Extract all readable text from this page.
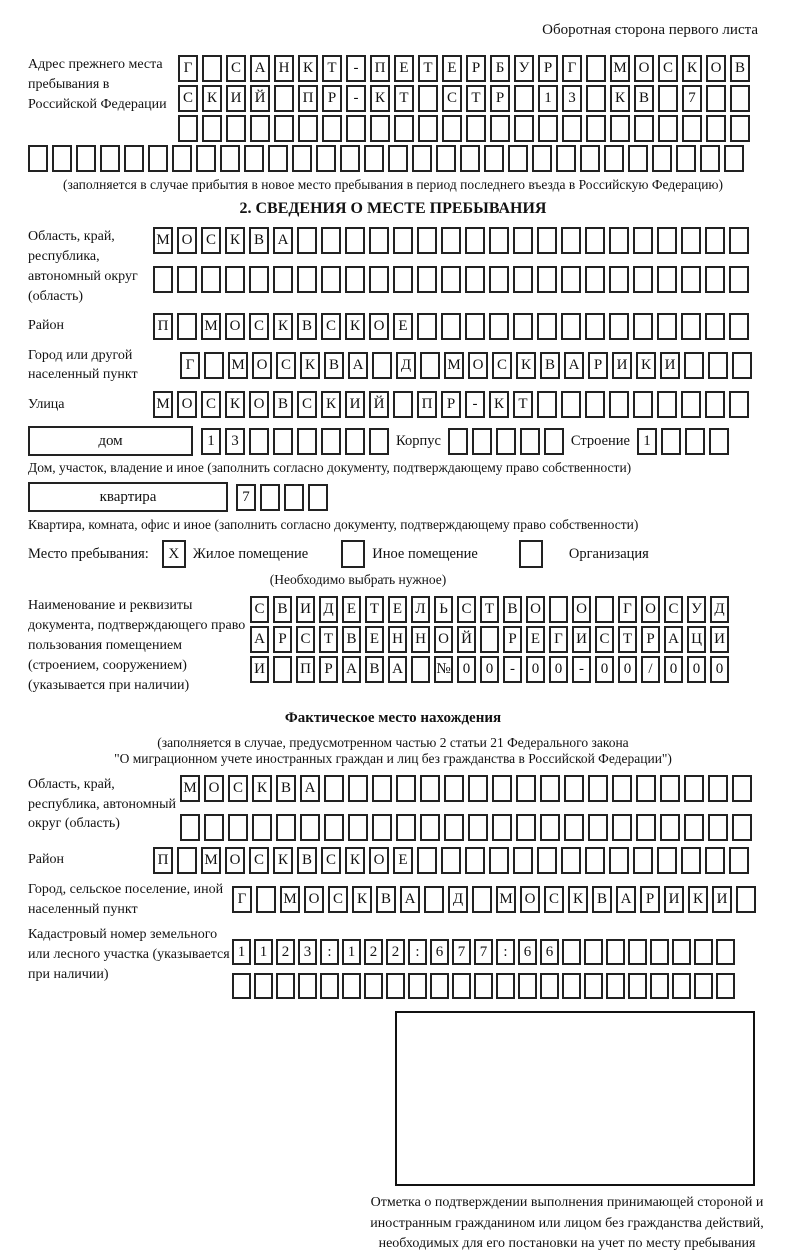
Оборотная сторона первого листа
Адрес прежнего места пребывания в Российской Федерации
Г	С А Н К Т	-	П Е Т Е	Р	Б У Р	Г	М О С К О В
С К И Й	П Р	-	К Т	С Т	Р	1	3	К В	7
(заполняется в случае прибытия в новое место пребывания в период последнего въезда в Российскую Федерацию)
2. СВЕДЕНИЯ О МЕСТЕ ПРЕБЫВАНИЯ
Область, край, республика, автономный округ (область)
М О С К В А
Район	П	М О С К В С К О Е
Город или другой населенный пункт
Г	М О С К В А	Д	М О С К В А Р И К И
Улица	М О С К О В С К И Й	П Р	-	К Т
дом	1	3	Корпус	Строение 1
Дом, участок, владение и иное (заполнить согласно документу, подтверждающему право собственности)
квартира	7
Квартира, комната, офис и иное (заполнить согласно документу, подтверждающему право собственности)
Место пребывания:	X Жилое помещение	Иное помещение	Организация
(Необходимо выбрать нужное)
Наименование и реквизиты документа, подтверждающего право пользования помещением (строением, сооружением) (указывается при наличии)
С В И Д Е Т Е Л Ь С Т В О О	Г О С У Д
А Р С Т В Е Н Н О Й	Р Е Г И С Т Р А Ц И
И П Р А В А № 0	0	-	0	0	-	0	0	/	0	0	0
Фактическое место нахождения
(заполняется в случае, предусмотренном частью 2 статьи 21 Федерального закона
"О миграционном учете иностранных граждан и лиц без гражданства в Российской Федерации")
Область, край, республика, автономный округ (область)
М О С К В А
Район	П	М О С К В С К О Е
Город, сельское поселение, иной населенный пункт
Г	М О С К В А	Д	М О С К В А Р И К И
Кадастровый номер земельного или лесного участка (указывается при наличии)
1 1 2 3	:	1 2 2	:	6 7 7	:	6 6
Отметка о подтверждении выполнения принимающей стороной и иностранным гражданином или лицом без гражданства действий, необходимых для его постановки на учет по месту пребывания
